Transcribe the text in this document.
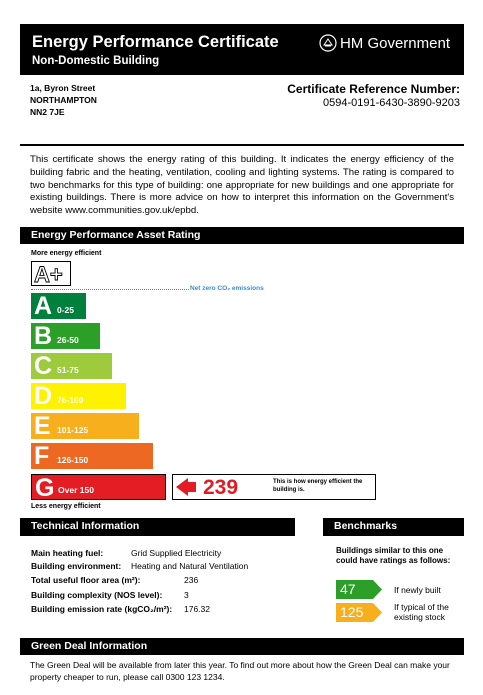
Energy Performance Certificate
Non-Domestic Building
HM Government
1a, Byron Street
NORTHAMPTON
NN2 7JE
Certificate Reference Number:
0594-0191-6430-3890-9203
This certificate shows the energy rating of this building. It indicates the energy efficiency of the building fabric and the heating, ventilation, cooling and lighting systems. The rating is compared to two benchmarks for this type of building: one appropriate for new buildings and one appropriate for existing buildings. There is more advice on how to interpret this information on the Government's website www.communities.gov.uk/epbd.
Energy Performance Asset Rating
More energy efficient
A+
Net zero CO₂ emissions
A 0-25
B 26-50
C 51-75
D 76-100
E 101-125
F 126-150
G Over 150	239	This is how energy efficient the building is.
Less energy efficient
Technical Information
Main heating fuel:	Grid Supplied Electricity
Building environment: Heating and Natural Ventilation
Total useful floor area (m²):	236
Building complexity (NOS level):	3
Building emission rate (kgCO₂/m²): 176.32
Benchmarks
Buildings similar to this one could have ratings as follows:
47	If newly built
125	If typical of the existing stock
Green Deal Information
The Green Deal will be available from later this year. To find out more about how the Green Deal can make your property cheaper to run, please call 0300 123 1234.
